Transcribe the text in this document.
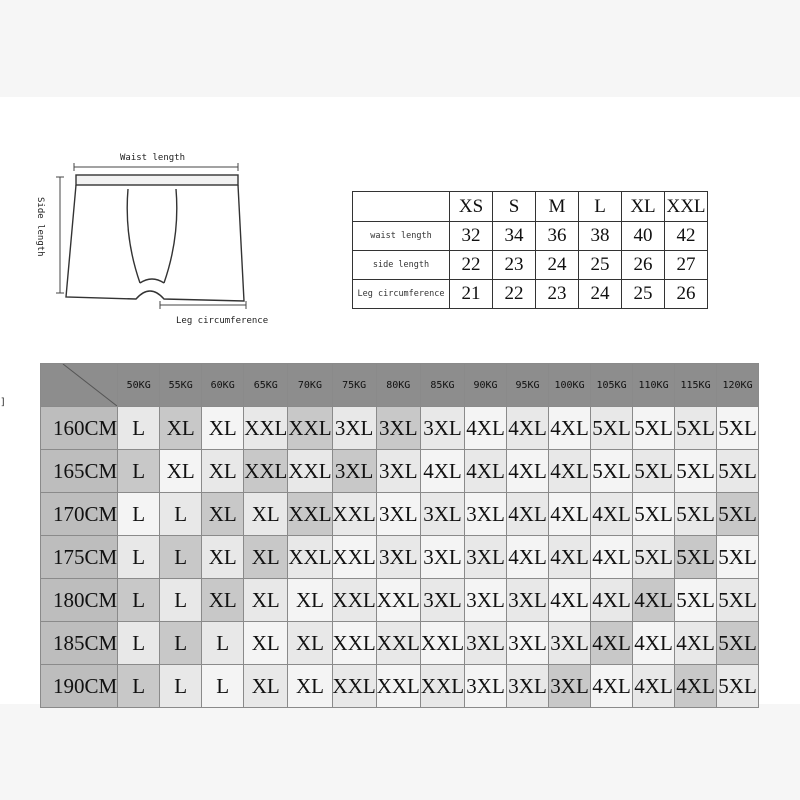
Waist length
Side length
Leg circumference
	XS	S	M	L	XL	XXL
waist length	32	34	36	38	40	42
side length	22	23	24	25	26	27
Leg circumference	21	22	23	24	25	26
]
	50KG	55KG	60KG	65KG	70KG	75KG	80KG	85KG	90KG	95KG	100KG	105KG	110KG	115KG	120KG
160CM	L	XL	XL	XXL	XXL	3XL	3XL	3XL	4XL	4XL	4XL	5XL	5XL	5XL	5XL
165CM	L	XL	XL	XXL	XXL	3XL	3XL	4XL	4XL	4XL	4XL	5XL	5XL	5XL	5XL
170CM	L	L	XL	XL	XXL	XXL	3XL	3XL	3XL	4XL	4XL	4XL	5XL	5XL	5XL
175CM	L	L	XL	XL	XXL	XXL	3XL	3XL	3XL	4XL	4XL	4XL	5XL	5XL	5XL
180CM	L	L	XL	XL	XL	XXL	XXL	3XL	3XL	3XL	4XL	4XL	4XL	5XL	5XL
185CM	L	L	L	XL	XL	XXL	XXL	XXL	3XL	3XL	3XL	4XL	4XL	4XL	5XL
190CM	L	L	L	XL	XL	XXL	XXL	XXL	3XL	3XL	3XL	4XL	4XL	4XL	5XL
